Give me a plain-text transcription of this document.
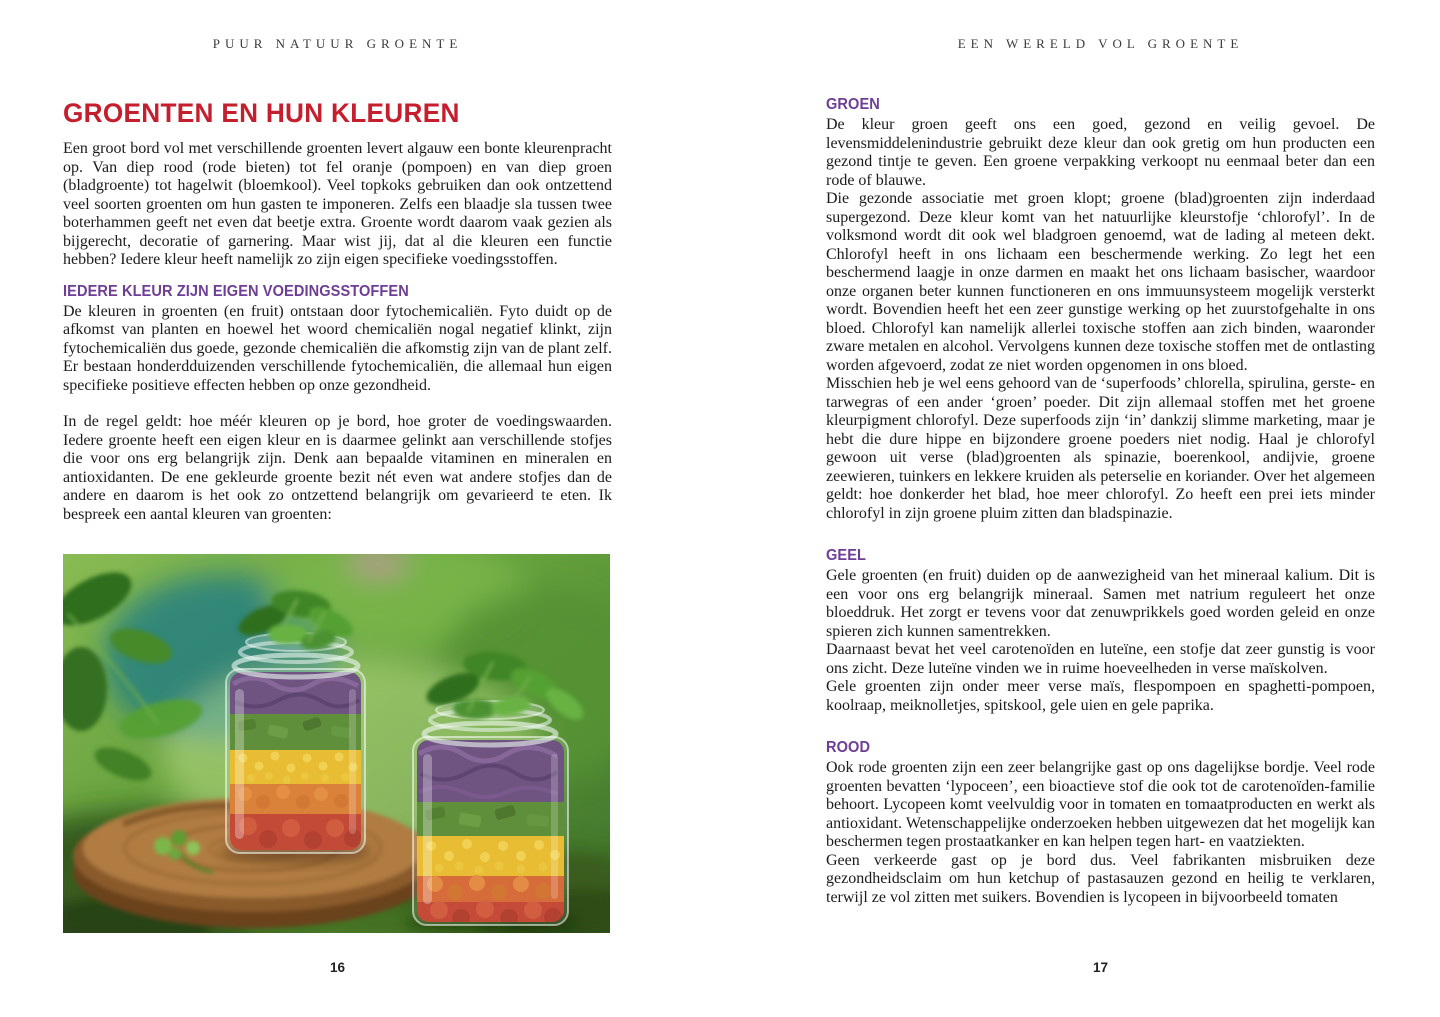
PUUR NATUUR GROENTE
GROENTEN EN HUN KLEUREN

Een groot bord vol met verschillende groenten levert algauw een bonte kleurenpracht op. Van diep rood (rode bieten) tot fel oranje (pompoen) en van diep groen (bladgroente) tot hagelwit (bloemkool). Veel topkoks gebruiken dan ook ontzettend veel soorten groenten om hun gasten te imponeren. Zelfs een blaadje sla tussen twee boterhammen geeft net even dat beetje extra. Groente wordt daarom vaak gezien als bijgerecht, decoratie of garnering. Maar wist jij, dat al die kleuren een functie hebben? Iedere kleur heeft namelijk zo zijn eigen specifieke voedingsstoffen.

IEDERE KLEUR ZIJN EIGEN VOEDINGSSTOFFEN

De kleuren in groenten (en fruit) ontstaan door fytochemicaliën. Fyto duidt op de afkomst van planten en hoewel het woord chemicaliën nogal negatief klinkt, zijn fytochemicaliën dus goede, gezonde chemicaliën die afkomstig zijn van de plant zelf. Er bestaan honderdduizenden verschillende fytochemicaliën, die allemaal hun eigen specifieke positieve effecten hebben op onze gezondheid.

In de regel geldt: hoe méér kleuren op je bord, hoe groter de voedingswaarden. Iedere groente heeft een eigen kleur en is daarmee gelinkt aan verschillende stofjes die voor ons erg belangrijk zijn. Denk aan bepaalde vitaminen en mineralen en antioxidanten. De ene gekleurde groente bezit nét even wat andere stofjes dan de andere en daarom is het ook zo ontzettend belangrijk om gevarieerd te eten. Ik bespreek een aantal kleuren van groenten:

16
EEN WERELD VOL GROENTE
GROEN

De kleur groen geeft ons een goed, gezond en veilig gevoel. De levensmiddelenindustrie gebruikt deze kleur dan ook gretig om hun producten een gezond tintje te geven. Een groene verpakking verkoopt nu eenmaal beter dan een rode of blauwe.

Die gezonde associatie met groen klopt; groene (blad)groenten zijn inderdaad supergezond. Deze kleur komt van het natuurlijke kleurstofje ‘chlorofyl’. In de volksmond wordt dit ook wel bladgroen genoemd, wat de lading al meteen dekt. Chlorofyl heeft in ons lichaam een beschermende werking. Zo legt het een beschermend laagje in onze darmen en maakt het ons lichaam basischer, waardoor onze organen beter kunnen functioneren en ons immuunsysteem mogelijk versterkt wordt. Bovendien heeft het een zeer gunstige werking op het zuurstofgehalte in ons bloed. Chlorofyl kan namelijk allerlei toxische stoffen aan zich binden, waaronder zware metalen en alcohol. Vervolgens kunnen deze toxische stoffen met de ontlasting worden afgevoerd, zodat ze niet worden opgenomen in ons bloed.

Misschien heb je wel eens gehoord van de ‘superfoods’ chlorella, spirulina, gerste- en tarwegras of een ander ‘groen’ poeder. Dit zijn allemaal stoffen met het groene kleurpigment chlorofyl. Deze superfoods zijn ‘in’ dankzij slimme marketing, maar je hebt die dure hippe en bijzondere groene poeders niet nodig. Haal je chlorofyl gewoon uit verse (blad)groenten als spinazie, boerenkool, andijvie, groene zeewieren, tuinkers en lekkere kruiden als peterselie en koriander. Over het algemeen geldt: hoe donkerder het blad, hoe meer chlorofyl. Zo heeft een prei iets minder chlorofyl in zijn groene pluim zitten dan bladspinazie.

GEEL

Gele groenten (en fruit) duiden op de aanwezigheid van het mineraal kalium. Dit is een voor ons erg belangrijk mineraal. Samen met natrium reguleert het onze bloeddruk. Het zorgt er tevens voor dat zenuwprikkels goed worden geleid en onze spieren zich kunnen samentrekken.

Daarnaast bevat het veel carotenoïden en luteïne, een stofje dat zeer gunstig is voor ons zicht. Deze luteïne vinden we in ruime hoeveelheden in verse maïskolven.

Gele groenten zijn onder meer verse maïs, flespompoen en spaghetti-pompoen, koolraap, meiknolletjes, spitskool, gele uien en gele paprika.

ROOD

Ook rode groenten zijn een zeer belangrijke gast op ons dagelijkse bordje. Veel rode groenten bevatten ‘lypoceen’, een bioactieve stof die ook tot de carotenoïden-familie behoort. Lycopeen komt veelvuldig voor in tomaten en tomaatproducten en werkt als antioxidant. Wetenschappelijke onderzoeken hebben uitgewezen dat het mogelijk kan beschermen tegen prostaatkanker en kan helpen tegen hart- en vaatziekten.

Geen verkeerde gast op je bord dus. Veel fabrikanten misbruiken deze gezondheidsclaim om hun ketchup of pastasauzen gezond en heilig te verklaren, terwijl ze vol zitten met suikers. Bovendien is lycopeen in bijvoorbeeld tomaten

17
